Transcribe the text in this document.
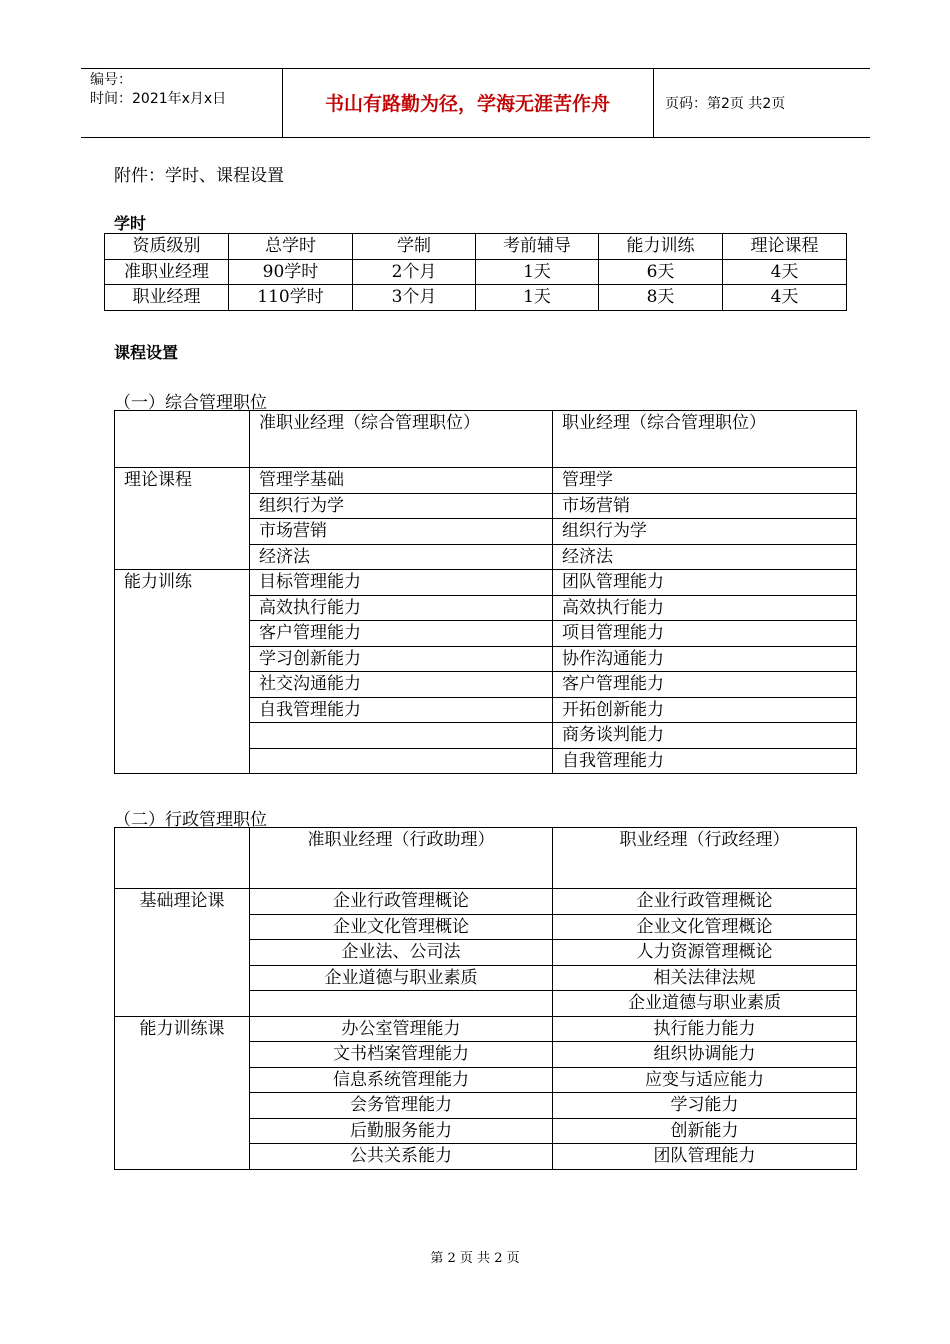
编号：
时间：2021年x月x日	书山有路勤为径，学海无涯苦作舟	页码：第2页 共2页
附件：学时、课程设置
学时
资质级别	总学时	学制	考前辅导	能力训练	理论课程
准职业经理	90学时	2个月	1天	6天	4天
职业经理	110学时	3个月	1天	8天	4天
课程设置
（一）综合管理职位
	准职业经理（综合管理职位）	职业经理（综合管理职位）
理论课程	管理学基础	管理学
	组织行为学	市场营销
	市场营销	组织行为学
	经济法	经济法
能力训练	目标管理能力	团队管理能力
	高效执行能力	高效执行能力
	客户管理能力	项目管理能力
	学习创新能力	协作沟通能力
	社交沟通能力	客户管理能力
	自我管理能力	开拓创新能力
		商务谈判能力
		自我管理能力
（二）行政管理职位
	准职业经理（行政助理）	职业经理（行政经理）
基础理论课	企业行政管理概论	企业行政管理概论
	企业文化管理概论	企业文化管理概论
	企业法、公司法	人力资源管理概论
	企业道德与职业素质	相关法律法规
		企业道德与职业素质
能力训练课	办公室管理能力	执行能力能力
	文书档案管理能力	组织协调能力
	信息系统管理能力	应变与适应能力
	会务管理能力	学习能力
	后勤服务能力	创新能力
	公共关系能力	团队管理能力
第 2 页 共 2 页
